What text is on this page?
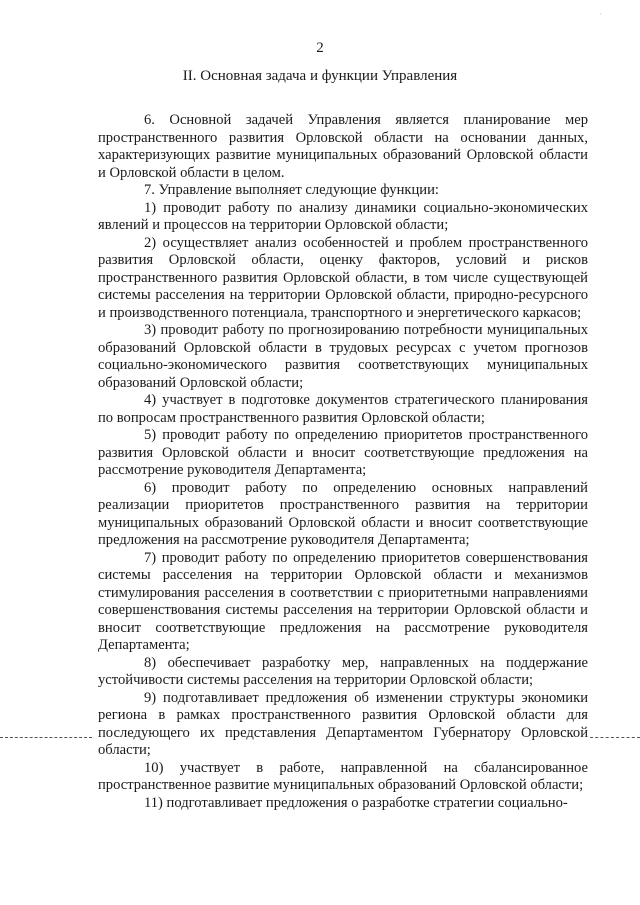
·
2
II. Основная задача и функции Управления

6. Основной задачей Управления является планирование мер пространственного развития Орловской области на основании данных, характеризующих развитие муниципальных образований Орловской области и Орловской области в целом.

7. Управление выполняет следующие функции:

1) проводит работу по анализу динамики социально-экономических явлений и процессов на территории Орловской области;

2) осуществляет анализ особенностей и проблем пространственного развития Орловской области, оценку факторов, условий и рисков пространственного развития Орловской области, в том числе существующей системы расселения на территории Орловской области, природно-ресурсного и производственного потенциала, транспортного и энергетического каркасов;

3) проводит работу по прогнозированию потребности муниципальных образований Орловской области в трудовых ресурсах с учетом прогнозов социально-экономического развития соответствующих муниципальных образований Орловской области;

4) участвует в подготовке документов стратегического планирования по вопросам пространственного развития Орловской области;

5) проводит работу по определению приоритетов пространственного развития Орловской области и вносит соответствующие предложения на рассмотрение руководителя Департамента;

6) проводит работу по определению основных направлений реализации приоритетов пространственного развития на территории муниципальных образований Орловской области и вносит соответствующие предложения на рассмотрение руководителя Департамента;

7) проводит работу по определению приоритетов совершенствования системы расселения на территории Орловской области и механизмов стимулирования расселения в соответствии с приоритетными направлениями совершенствования системы расселения на территории Орловской области и вносит соответствующие предложения на рассмотрение руководителя Департамента;

8) обеспечивает разработку мер, направленных на поддержание устойчивости системы расселения на территории Орловской области;

9) подготавливает предложения об изменении структуры экономики региона в рамках пространственного развития Орловской области для последующего их представления Департаментом Губернатору Орловской области;

10) участвует в работе, направленной на сбалансированное пространственное развитие муниципальных образований Орловской области;

11) подготавливает предложения о разработке стратегии социально-
